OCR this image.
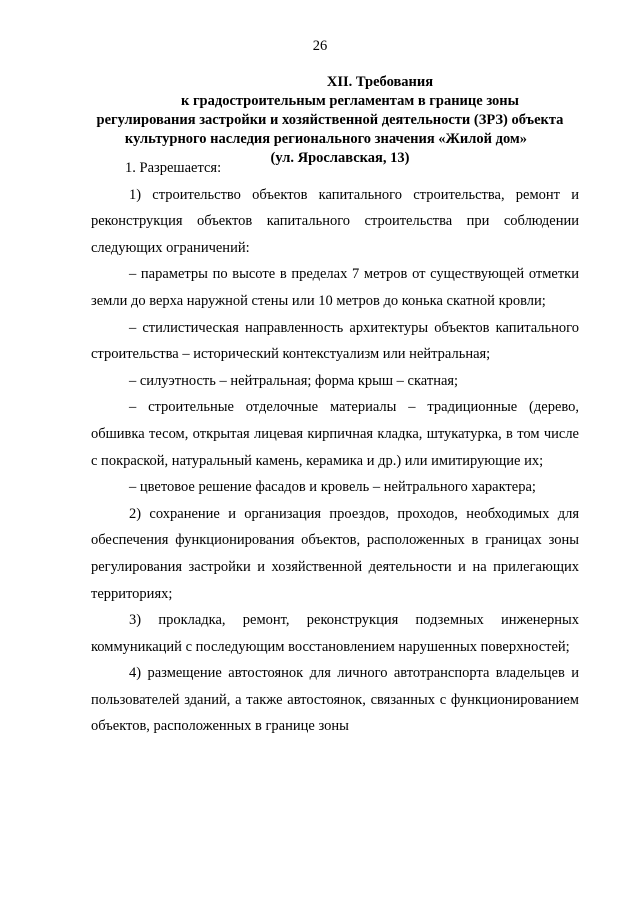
26
XII. Требования
к градостроительным регламентам в границе зоны
регулирования застройки и хозяйственной деятельности (ЗРЗ) объекта
культурного наследия регионального значения «Жилой дом»
(ул. Ярославская, 13)

1. Разрешается:

1) строительство объектов капитального строительства, ремонт и реконструкция объектов капитального строительства при соблюдении следующих ограничений:

– параметры по высоте в пределах 7 метров от существующей отметки земли до верха наружной стены или 10 метров до конька скатной кровли;

– стилистическая направленность архитектуры объектов капитального строительства – исторический контекстуализм или нейтральная;

– силуэтность – нейтральная; форма крыш – скатная;

– строительные отделочные материалы – традиционные (дерево, обшивка тесом, открытая лицевая кирпичная кладка, штукатурка, в том числе с покраской, натуральный камень, керамика и др.) или имитирующие их;

– цветовое решение фасадов и кровель – нейтрального характера;

2) сохранение и организация проездов, проходов, необходимых для обеспечения функционирования объектов, расположенных в границах зоны регулирования застройки и хозяйственной деятельности и на прилегающих территориях;

3) прокладка, ремонт, реконструкция подземных инженерных коммуникаций с последующим восстановлением нарушенных поверхностей;

4) размещение автостоянок для личного автотранспорта владельцев и пользователей зданий, а также автостоянок, связанных с функционированием объектов, расположенных в границе зоны
